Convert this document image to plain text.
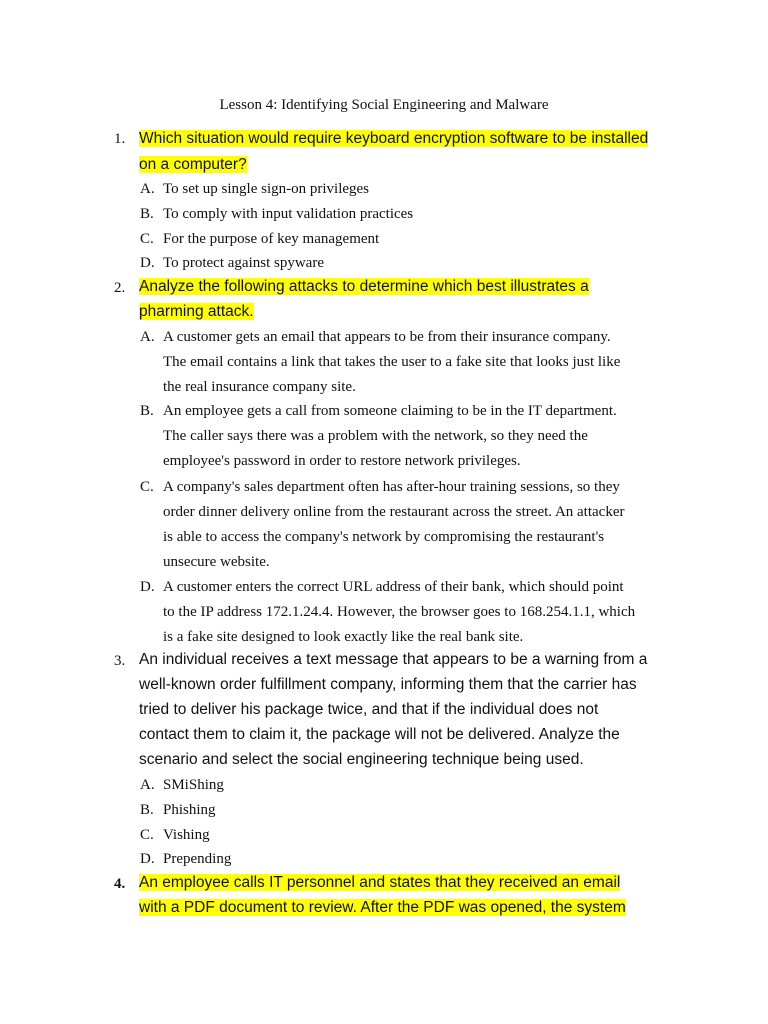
Lesson 4: Identifying Social Engineering and Malware
1. Which situation would require keyboard encryption software to be installed
on a computer?
A. To set up single sign-on privileges
B. To comply with input validation practices
C. For the purpose of key management
D. To protect against spyware
2. Analyze the following attacks to determine which best illustrates a
pharming attack.
A. A customer gets an email that appears to be from their insurance company.
The email contains a link that takes the user to a fake site that looks just like
the real insurance company site.
B. An employee gets a call from someone claiming to be in the IT department.
The caller says there was a problem with the network, so they need the
employee's password in order to restore network privileges.
C. A company's sales department often has after-hour training sessions, so they
order dinner delivery online from the restaurant across the street. An attacker
is able to access the company's network by compromising the restaurant's
unsecure website.
D. A customer enters the correct URL address of their bank, which should point
to the IP address 172.1.24.4. However, the browser goes to 168.254.1.1, which
is a fake site designed to look exactly like the real bank site.
3. An individual receives a text message that appears to be a warning from a
well-known order fulfillment company, informing them that the carrier has
tried to deliver his package twice, and that if the individual does not
contact them to claim it, the package will not be delivered. Analyze the
scenario and select the social engineering technique being used.
A. SMiShing
B. Phishing
C. Vishing
D. Prepending
4. An employee calls IT personnel and states that they received an email
with a PDF document to review. After the PDF was opened, the system
